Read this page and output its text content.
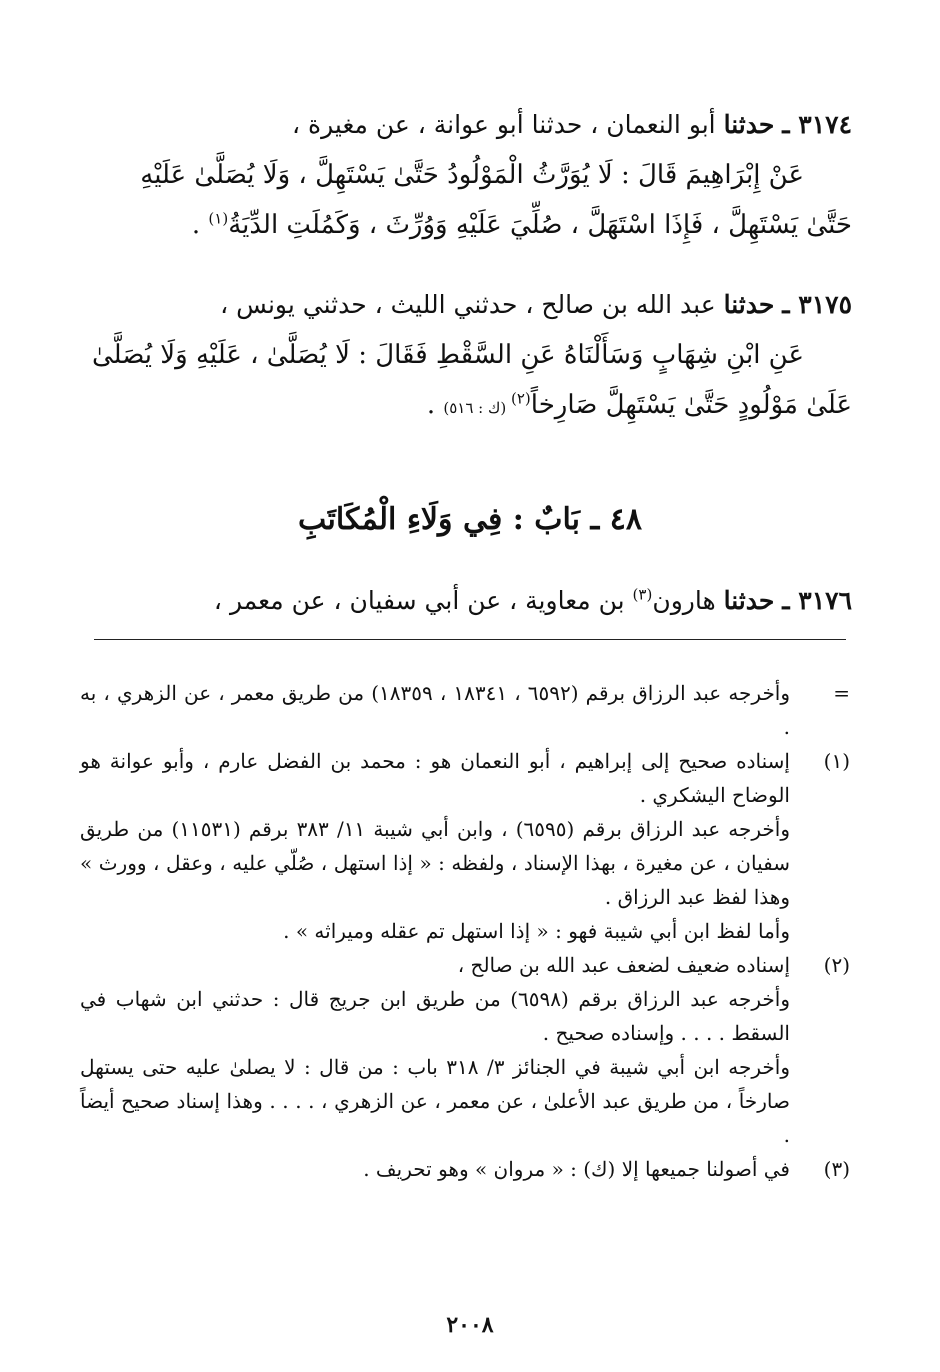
٣١٧٤ ـ حدثنا أبو النعمان ، حدثنا أبو عوانة ، عن مغيرة ،
عَنْ إِبْرَاهِيمَ قَالَ : لَا يُوَرَّثُ الْمَوْلُودُ حَتَّىٰ يَسْتَهِلَّ ، وَلَا يُصَلَّىٰ عَلَيْهِ
حَتَّىٰ يَسْتَهِلَّ ، فَإِذَا اسْتَهَلَّ ، صُلِّيَ عَلَيْهِ وَوُرِّثَ ، وَكَمُلَتِ الدِّيَةُ$^{(١)}$ .
٣١٧٥ ـ حدثنا عبد الله بن صالح ، حدثني الليث ، حدثني يونس ،
عَنِ ابْنِ شِهَابٍ وَسَأَلْنَاهُ عَنِ السَّقْطِ فَقَالَ : لَا يُصَلَّىٰ ، عَلَيْهِ وَلَا يُصَلَّىٰ
عَلَىٰ مَوْلُودٍ حَتَّىٰ يَسْتَهِلَّ صَارِخاً$^{(٢)}$ (ك : ٥١٦) .
٤٨ ـ بَابٌ : فِي وَلَاءِ الْمُكَاتَبِ
٣١٧٦ ـ حدثنا هارون$^{(٣)}$ بن معاوية ، عن أبي سفيان ، عن معمر ،
=

وأخرجه عبد الرزاق برقم (٦٥٩٢ ، ١٨٣٤١ ، ١٨٣٥٩) من طريق معمر ، عن الزهري ، به .

(١)

إسناده صحيح إلى إبراهيم ، أبو النعمان هو : محمد بن الفضل عارم ، وأبو عوانة هو الوضاح اليشكري .

وأخرجه عبد الرزاق برقم (٦٥٩٥) ، وابن أبي شيبة ١١/ ٣٨٣ برقم (١١٥٣١) من طريق سفيان ، عن مغيرة ، بهذا الإسناد ، ولفظه : « إذا استهل ، صُلّي عليه ، وعقل ، وورث » وهذا لفظ عبد الرزاق .

وأما لفظ ابن أبي شيبة فهو : « إذا استهل تم عقله وميراثه » .

(٢)

إسناده ضعيف لضعف عبد الله بن صالح ،

وأخرجه عبد الرزاق برقم (٦٥٩٨) من طريق ابن جريج قال : حدثني ابن شهاب في السقط . . . . وإسناده صحيح .

وأخرجه ابن أبي شيبة في الجنائز ٣/ ٣١٨ باب : من قال : لا يصلىٰ عليه حتى يستهل صارخاً ، من طريق عبد الأعلىٰ ، عن معمر ، عن الزهري ، . . . . وهذا إسناد صحيح أيضاً .

(٣)

في أصولنا جميعها إلا (ك) : « مروان » وهو تحريف .

٢٠٠٨
